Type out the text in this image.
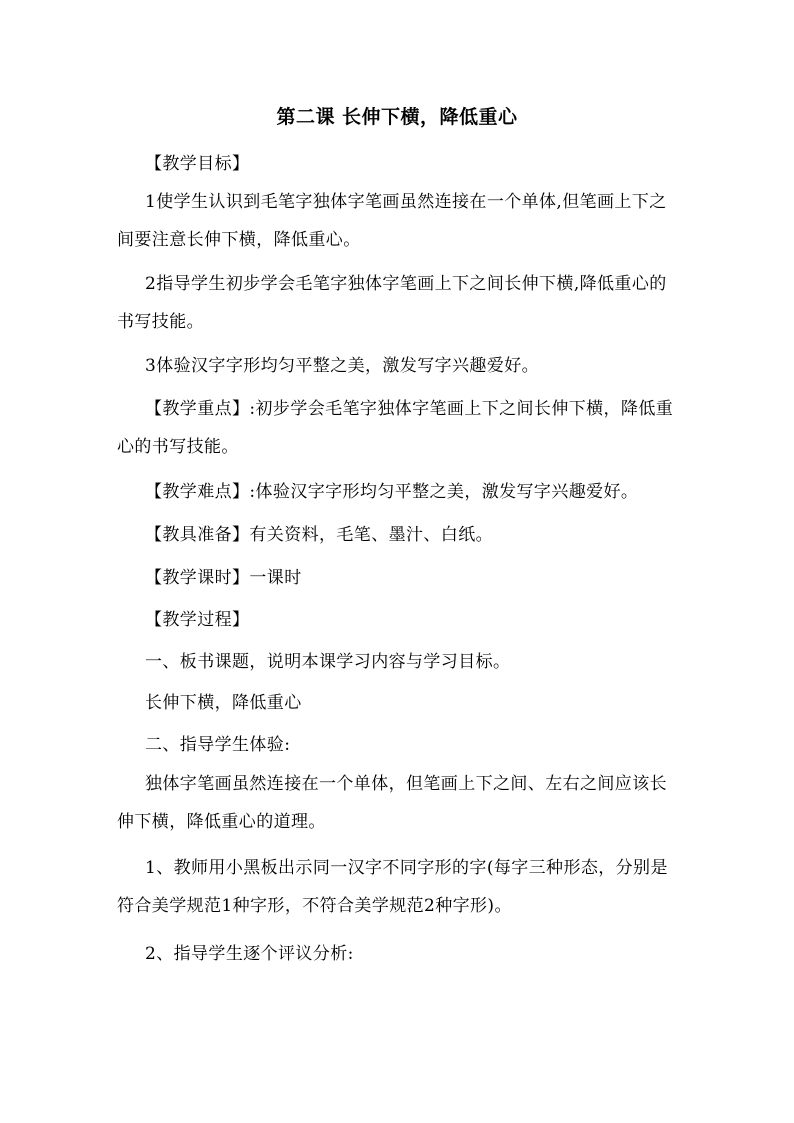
第二课 长伸下横，降低重心
【教学目标】
1使学生认识到毛笔字独体字笔画虽然连接在一个单体,但笔画上下之间要注意长伸下横，降低重心。
2指导学生初步学会毛笔字独体字笔画上下之间长伸下横,降低重心的书写技能。
3体验汉字字形均匀平整之美，激发写字兴趣爱好。
【教学重点】:初步学会毛笔字独体字笔画上下之间长伸下横，降低重心的书写技能。
【教学难点】:体验汉字字形均匀平整之美，激发写字兴趣爱好。
【教具准备】有关资料，毛笔、墨汁、白纸。
【教学课时】一课时
【教学过程】
一、板书课题，说明本课学习内容与学习目标。
长伸下横，降低重心
二、指导学生体验:
独体字笔画虽然连接在一个单体，但笔画上下之间、左右之间应该长伸下横，降低重心的道理。
1、教师用小黑板出示同一汉字不同字形的字(每字三种形态，分别是符合美学规范1种字形，不符合美学规范2种字形)。
2、指导学生逐个评议分析:
